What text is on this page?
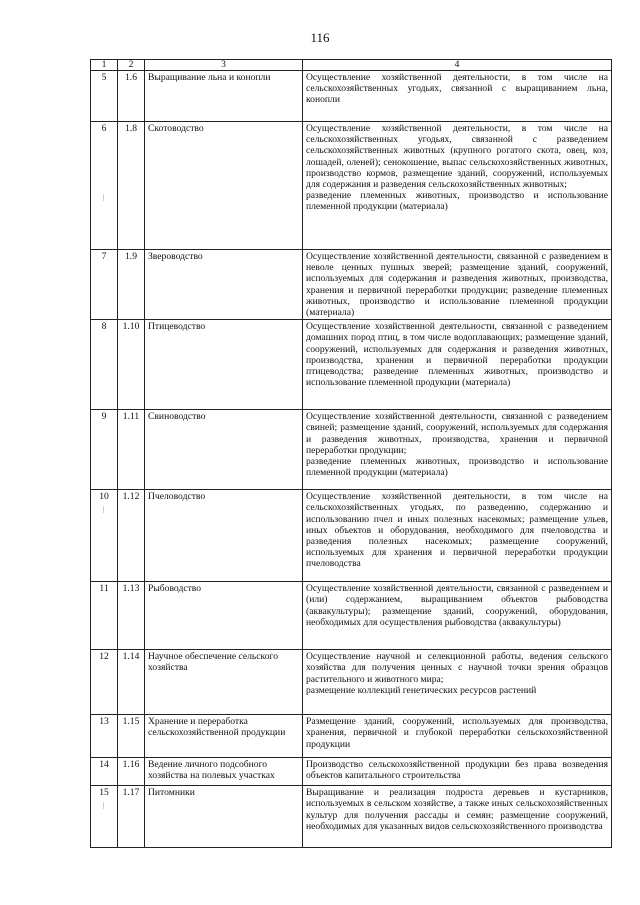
116
1	2	3	4
5	1.6	Выращивание льна и конопли	Осуществление хозяйственной деятельности, в том числе на сельскохозяйственных угодьях, связанной с выращиванием льна, конопли

6	1.8	Скотоводство	Осуществление хозяйственной деятельности, в том числе на сельскохозяйственных угодьях, связанной с разведением сельскохозяйственных животных (крупного рогатого скота, овец, коз, лошадей, оленей); сенокошение, выпас сельскохозяйственных животных, производство кормов, размещение зданий, сооружений, используемых для содержания и разведения сельскохозяйственных животных;
разведение племенных животных, производство и использование племенной продукции (материала)

7	1.9	Звероводство	Осуществление хозяйственной деятельности, связанной с разведением в неволе ценных пушных зверей; размещение зданий, сооружений, используемых для содержания и разведения животных, производства, хранения и первичной переработки продукции; разведение племенных животных, производство и использование племенной продукции (материала)

8	1.10	Птицеводство	Осуществление хозяйственной деятельности, связанной с разведением домашних пород птиц, в том числе водоплавающих; размещение зданий, сооружений, используемых для содержания и разведения животных, производства, хранения и первичной переработки продукции птицеводства; разведение племенных животных, производство и использование племенной продукции (материала)

9	1.11	Свиноводство	Осуществление хозяйственной деятельности, связанной с разведением свиней; размещение зданий, сооружений, используемых для содержания и разведения животных, производства, хранения и первичной переработки продукции;
разведение племенных животных, производство и использование племенной продукции (материала)

10	1.12	Пчеловодство	Осуществление хозяйственной деятельности, в том числе на сельскохозяйственных угодьях, по разведению, содержанию и использованию пчел и иных полезных насекомых; размещение ульев, иных объектов и оборудования, необходимого для пчеловодства и разведения полезных насекомых; размещение сооружений, используемых для хранения и первичной переработки продукции пчеловодства

11	1.13	Рыбоводство	Осуществление хозяйственной деятельности, связанной с разведением и (или) содержанием, выращиванием объектов рыбоводства (аквакультуры); размещение зданий, сооружений, оборудования, необходимых для осуществления рыбоводства (аквакультуры)

12	1.14	Научное обеспечение сельского хозяйства	Осуществление научной и селекционной работы, ведения сельского хозяйства для получения ценных с научной точки зрения образцов растительного и животного мира;
размещение коллекций генетических ресурсов растений

13	1.15	Хранение и переработка сельскохозяйственной продукции	Размещение зданий, сооружений, используемых для производства, хранения, первичной и глубокой переработки сельскохозяйственной продукции

14	1.16	Ведение личного подсобного хозяйства на полевых участках	Производство сельскохозяйственной продукции без права возведения объектов капитального строительства

15	1.17	Питомники	Выращивание и реализация подроста деревьев и кустарников, используемых в сельском хозяйстве, а также иных сельскохозяйственных культур для получения рассады и семян; размещение сооружений, необходимых для указанных видов сельскохозяйственного производства
